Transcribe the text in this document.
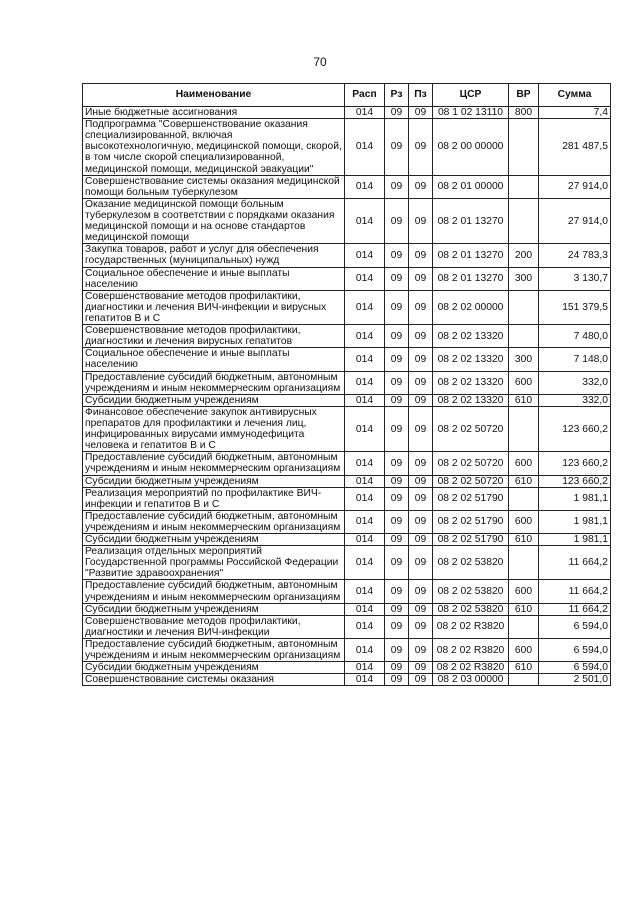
70
Наименование	Расп	Рз	Пз	ЦСР	ВР	Сумма
Иные бюджетные ассигнования	014	09	09	08 1 02 13110	800	7,4
Подпрограмма "Совершенствование оказания специализированной, включая высокотехнологичную, медицинской помощи, скорой, в том числе скорой специализированной, медицинской помощи, медицинской эвакуации"	014	09	09	08 2 00 00000		281 487,5
Совершенствование системы оказания медицинской помощи больным туберкулезом	014	09	09	08 2 01 00000		27 914,0
Оказание медицинской помощи больным туберкулезом в соответствии с порядками оказания медицинской помощи и на основе стандартов медицинской помощи	014	09	09	08 2 01 13270		27 914,0
Закупка товаров, работ и услуг для обеспечения государственных (муниципальных) нужд	014	09	09	08 2 01 13270	200	24 783,3
Социальное обеспечение и иные выплаты населению	014	09	09	08 2 01 13270	300	3 130,7
Совершенствование методов профилактики, диагностики и лечения ВИЧ-инфекции и вирусных гепатитов В и С	014	09	09	08 2 02 00000		151 379,5
Совершенствование методов профилактики, диагностики и лечения вирусных гепатитов	014	09	09	08 2 02 13320		7 480,0
Социальное обеспечение и иные выплаты населению	014	09	09	08 2 02 13320	300	7 148,0
Предоставление субсидий бюджетным, автономным учреждениям и иным некоммерческим организациям	014	09	09	08 2 02 13320	600	332,0
Субсидии бюджетным учреждениям	014	09	09	08 2 02 13320	610	332,0
Финансовое обеспечение закупок антивирусных препаратов для профилактики и лечения лиц, инфицированных вирусами иммунодефицита человека и гепатитов В и С	014	09	09	08 2 02 50720		123 660,2
Предоставление субсидий бюджетным, автономным учреждениям и иным некоммерческим организациям	014	09	09	08 2 02 50720	600	123 660,2
Субсидии бюджетным учреждениям	014	09	09	08 2 02 50720	610	123 660,2
Реализация мероприятий по профилактике ВИЧ-инфекции и гепатитов В и С	014	09	09	08 2 02 51790		1 981,1
Предоставление субсидий бюджетным, автономным учреждениям и иным некоммерческим организациям	014	09	09	08 2 02 51790	600	1 981,1
Субсидии бюджетным учреждениям	014	09	09	08 2 02 51790	610	1 981,1
Реализация отдельных мероприятий Государственной программы Российской Федерации "Развитие здравоохранения"	014	09	09	08 2 02 53820		11 664,2
Предоставление субсидий бюджетным, автономным учреждениям и иным некоммерческим организациям	014	09	09	08 2 02 53820	600	11 664,2
Субсидии бюджетным учреждениям	014	09	09	08 2 02 53820	610	11 664,2
Совершенствование методов профилактики, диагностики и лечения ВИЧ-инфекции	014	09	09	08 2 02 R3820		6 594,0
Предоставление субсидий бюджетным, автономным учреждениям и иным некоммерческим организациям	014	09	09	08 2 02 R3820	600	6 594,0
Субсидии бюджетным учреждениям	014	09	09	08 2 02 R3820	610	6 594,0
Совершенствование системы оказания	014	09	09	08 2 03 00000		2 501,0
